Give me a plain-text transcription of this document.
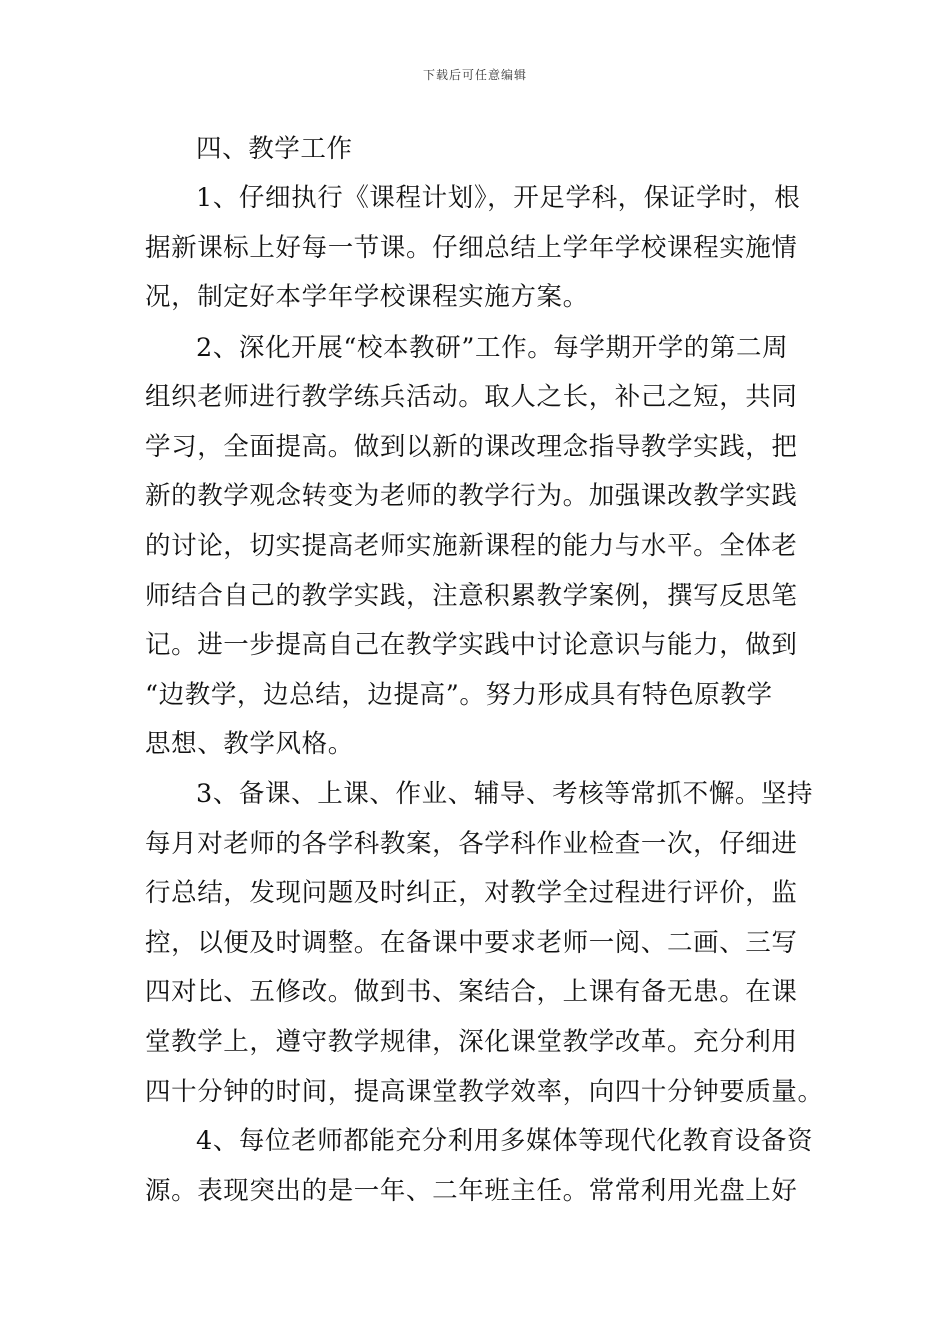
下载后可任意编辑
四、教学工作
1、仔细执行《课程计划》，开足学科，保证学时，根
据新课标上好每一节课。仔细总结上学年学校课程实施情
况，制定好本学年学校课程实施方案。
2、深化开展“校本教研”工作。每学期开学的第二周
组织老师进行教学练兵活动。取人之长，补己之短，共同
学习，全面提高。做到以新的课改理念指导教学实践，把
新的教学观念转变为老师的教学行为。加强课改教学实践
的讨论，切实提高老师实施新课程的能力与水平。全体老
师结合自己的教学实践，注意积累教学案例，撰写反思笔
记。进一步提高自己在教学实践中讨论意识与能力，做到
“边教学，边总结，边提高”。努力形成具有特色原教学
思想、教学风格。
3、备课、上课、作业、辅导、考核等常抓不懈。坚持
每月对老师的各学科教案，各学科作业检查一次，仔细进
行总结，发现问题及时纠正，对教学全过程进行评价，监
控，以便及时调整。在备课中要求老师一阅、二画、三写
四对比、五修改。做到书、案结合，上课有备无患。在课
堂教学上，遵守教学规律，深化课堂教学改革。充分利用
四十分钟的时间，提高课堂教学效率，向四十分钟要质量。
4、每位老师都能充分利用多媒体等现代化教育设备资
源。表现突出的是一年、二年班主任。常常利用光盘上好
